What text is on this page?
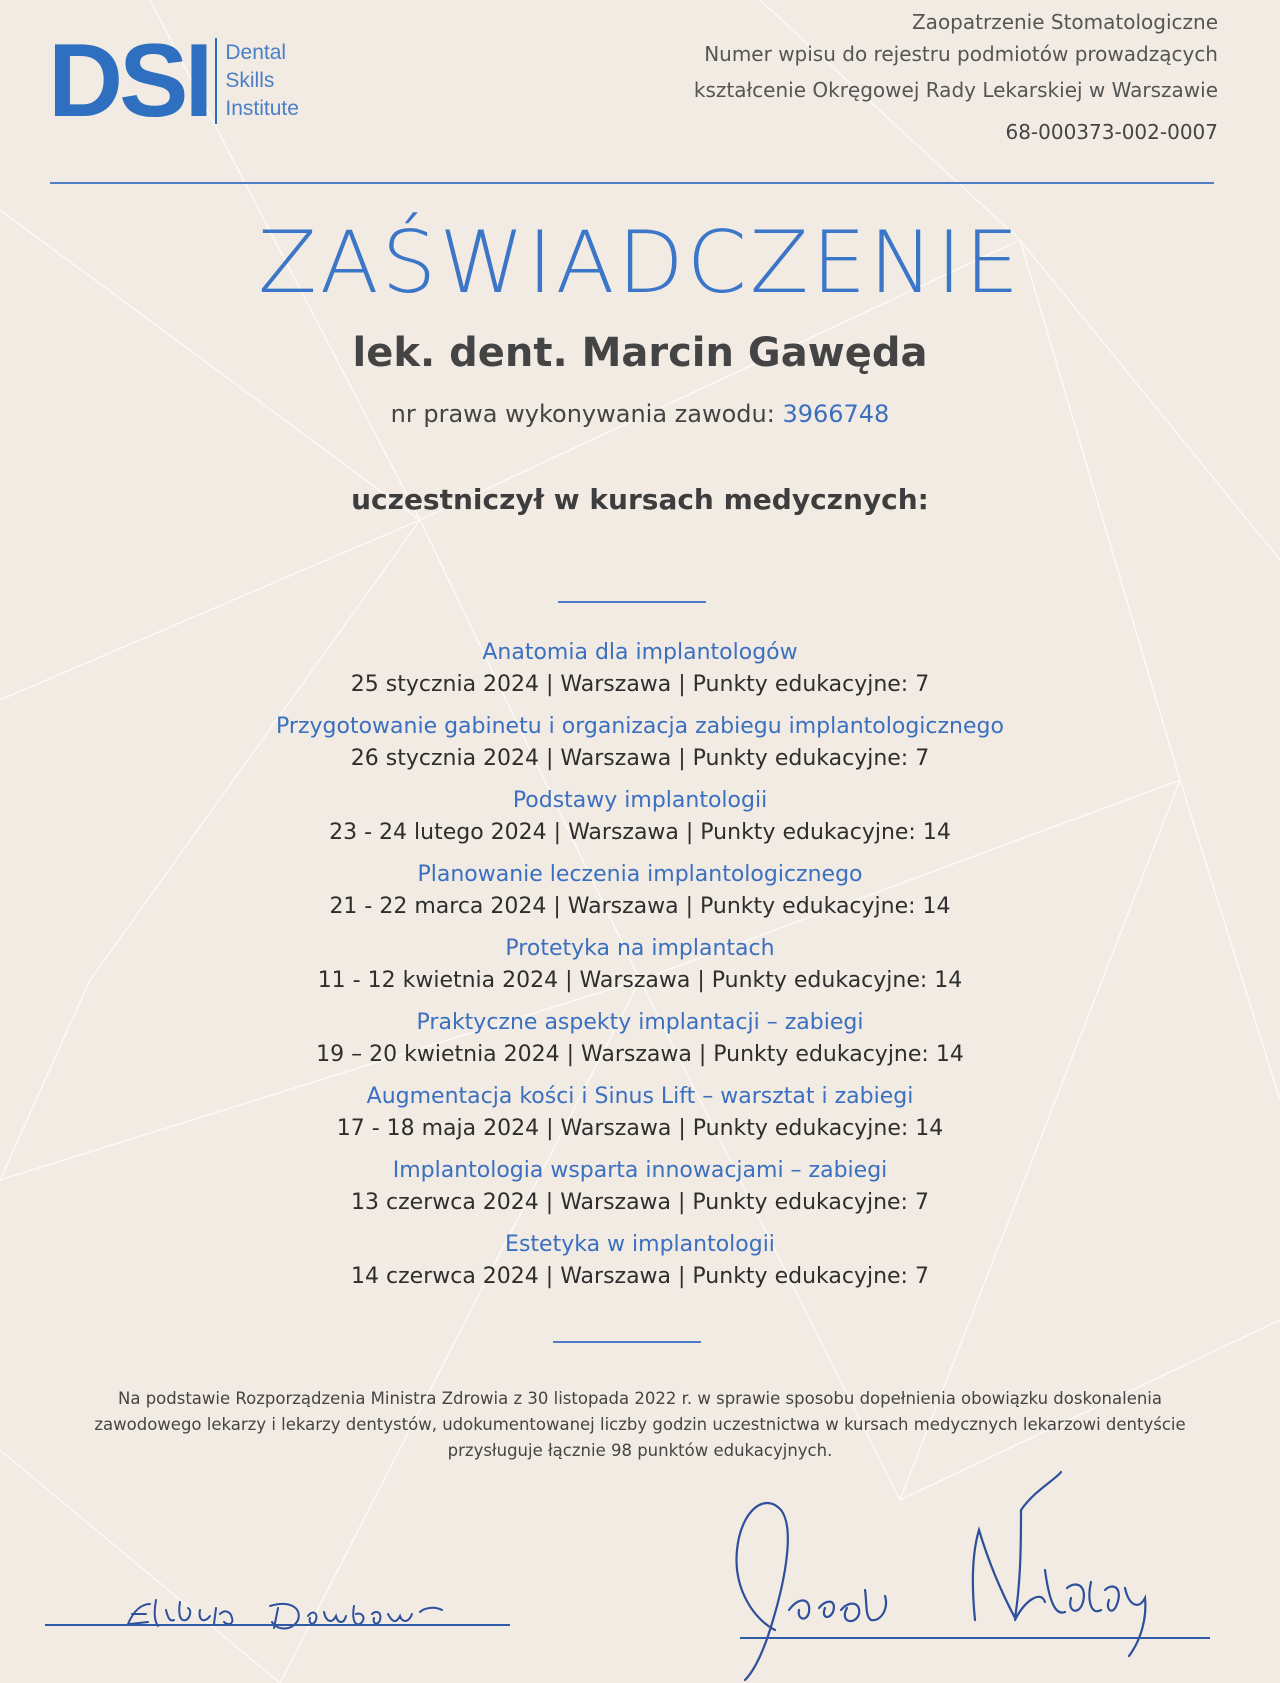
DSI Dental
Skills
Institute
Zaopatrzenie Stomatologiczne
Numer wpisu do rejestru podmiotów prowadzących
kształcenie Okręgowej Rady Lekarskiej w Warszawie
68-000373-002-0007
ZAŚWIADCZENIE
lek. dent. Marcin Gawęda
nr prawa wykonywania zawodu: 3966748
uczestniczył w kursach medycznych:
Anatomia dla implantologów
25 stycznia 2024 | Warszawa | Punkty edukacyjne: 7
Przygotowanie gabinetu i organizacja zabiegu implantologicznego
26 stycznia 2024 | Warszawa | Punkty edukacyjne: 7
Podstawy implantologii
23 - 24 lutego 2024 | Warszawa | Punkty edukacyjne: 14
Planowanie leczenia implantologicznego
21 - 22 marca 2024 | Warszawa | Punkty edukacyjne: 14
Protetyka na implantach
11 - 12 kwietnia 2024 | Warszawa | Punkty edukacyjne: 14
Praktyczne aspekty implantacji – zabiegi
19 – 20 kwietnia 2024 | Warszawa | Punkty edukacyjne: 14
Augmentacja kości i Sinus Lift – warsztat i zabiegi
17 - 18 maja 2024 | Warszawa | Punkty edukacyjne: 14
Implantologia wsparta innowacjami – zabiegi
13 czerwca 2024 | Warszawa | Punkty edukacyjne: 7
Estetyka w implantologii
14 czerwca 2024 | Warszawa | Punkty edukacyjne: 7
Na podstawie Rozporządzenia Ministra Zdrowia z 30 listopada 2022 r. w sprawie sposobu dopełnienia obowiązku doskonalenia
zawodowego lekarzy i lekarzy dentystów, udokumentowanej liczby godzin uczestnictwa w kursach medycznych lekarzowi dentyście
przysługuje łącznie 98 punktów edukacyjnych.
